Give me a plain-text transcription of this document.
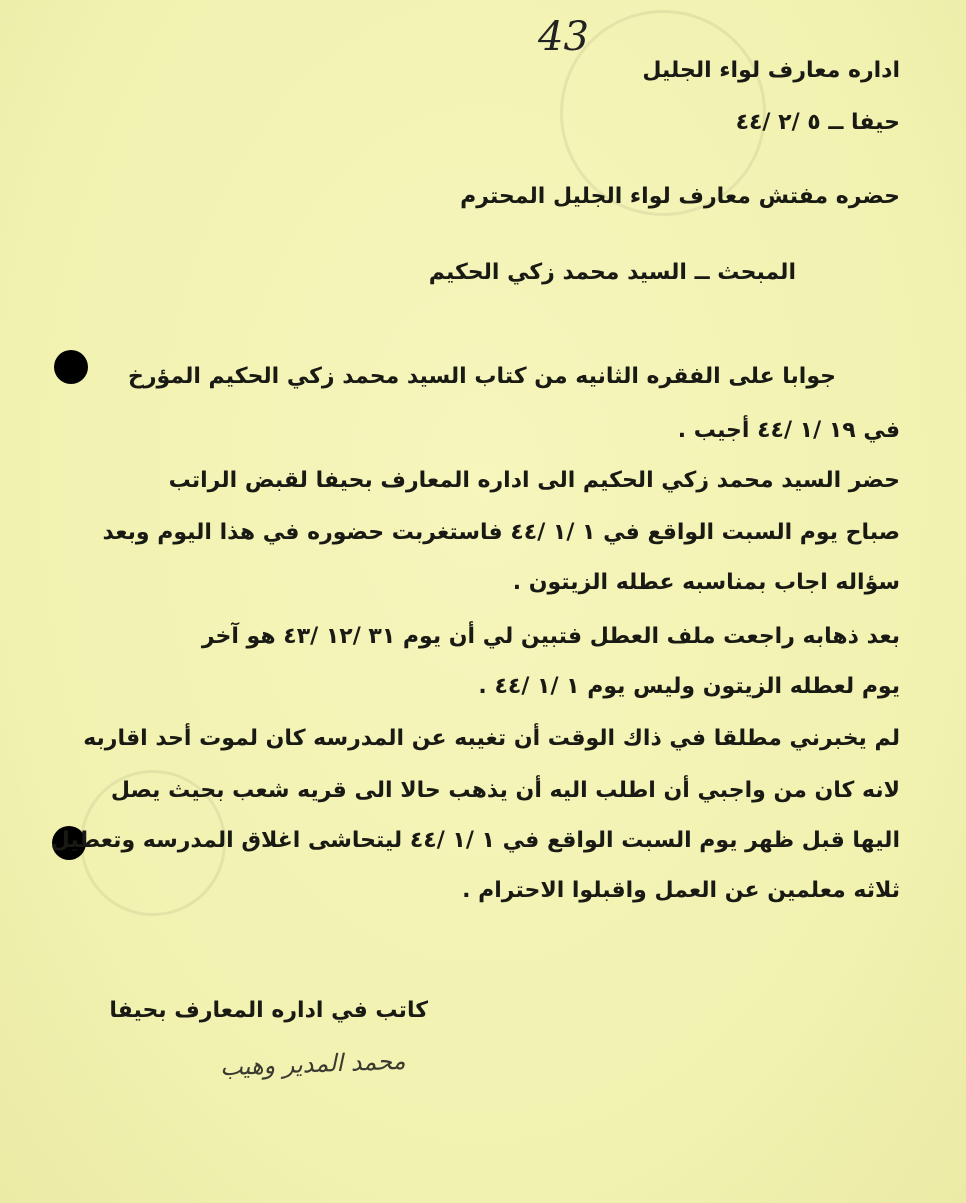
43
اداره معارف لواء الجليل
حيفا ــ ٥ /٢ /٤٤
حضره مفتش معارف لواء الجليل المحترم
المبحث ــ السيد محمد زكي الحكيم
جوابا على الفقره الثانيه من كتاب السيد محمد زكي الحكيم المؤرخ
في ١٩ /١ /٤٤ أجيب .
حضر السيد محمد زكي الحكيم الى اداره المعارف بحيفا لقبض الراتب
صباح يوم السبت الواقع في ١ /١ /٤٤ فاستغربت حضوره في هذا اليوم وبعد
سؤاله اجاب بمناسبه عطله الزيتون .
بعد ذهابه راجعت ملف العطل فتبين لي أن يوم ٣١ /١٢ /٤٣ هو آخر
يوم لعطله الزيتون وليس يوم ١ /١ /٤٤ .
لم يخبرني مطلقا في ذاك الوقت أن تغيبه عن المدرسه كان لموت أحد اقاربه
لانه كان من واجبي أن اطلب اليه أن يذهب حالا الى قريه شعب بحيث يصل
اليها قبل ظهر يوم السبت الواقع في ١ /١ /٤٤ ليتحاشى اغلاق المدرسه وتعطيل
ثلاثه معلمين عن العمل واقبلوا الاحترام .
كاتب في اداره المعارف بحيفا
محمد المدير وهيب
